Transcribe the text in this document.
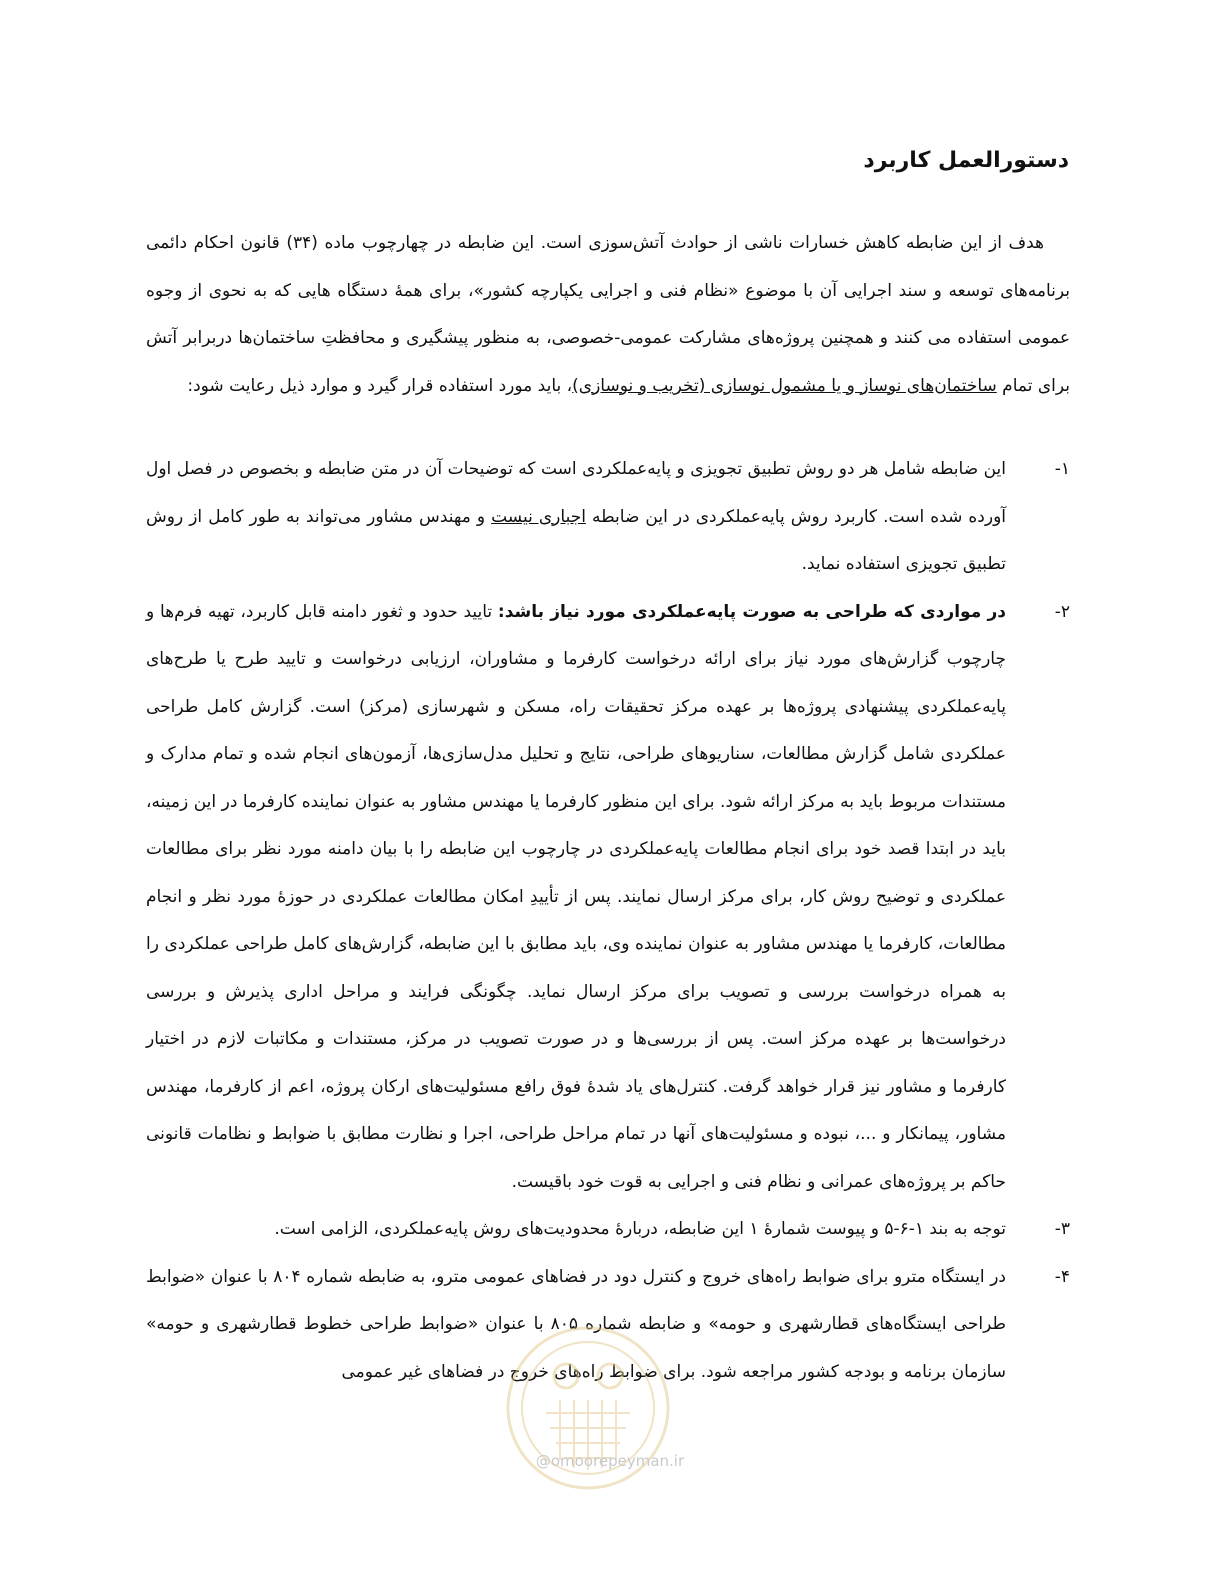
دستورالعمل کاربرد

هدف از این ضابطه کاهش خسارات ناشی از حوادث آتش‌سوزی است. این ضابطه در چهارچوب ماده (۳۴) قانون احکام دائمی برنامه‌های توسعه و سند اجرایی آن با موضوع «نظام فنی و اجرایی یکپارچه کشور»، برای همهٔ دستگاه هایی که به نحوی از وجوه عمومی استفاده می کنند و همچنین پروژه‌های مشارکت عمومی-خصوصی، به منظور پیشگیری و محافظتِ ساختمان‌ها دربرابر آتش برای تمام ساختمان‌های نوساز و یا مشمول نوسازی (تخریب و نوسازی)، باید مورد استفاده قرار گیرد و موارد ذیل رعایت شود:

۱-
این ضابطه شامل هر دو روش تطبیق تجویزی و پایه‌عملکردی است که توضیحات آن در متن ضابطه و بخصوص در فصل اول آورده شده است. کاربرد روش پایه‌عملکردی در این ضابطه اجباری نیست و مهندس مشاور می‌تواند به طور کامل از روش تطبیق تجویزی استفاده نماید.
۲-
در مواردی که طراحی به صورت پایه‌عملکردی مورد نیاز باشد: تایید حدود و ثغور دامنه قابل کاربرد، تهیه فرم‌ها و چارچوب گزارش‌های مورد نیاز برای ارائه درخواست کارفرما و مشاوران، ارزیابی درخواست و تایید طرح یا طرح‌های پایه‌عملکردی پیشنهادی پروژه‌ها بر عهده مرکز تحقیقات راه، مسکن و شهرسازی (مرکز) است. گزارش کامل طراحی عملکردی شامل گزارش مطالعات، سناریوهای طراحی، نتایج و تحلیل مدل‌سازی‌ها، آزمون‌های انجام شده و تمام مدارک و مستندات مربوط باید به مرکز ارائه شود. برای این منظور کارفرما یا مهندس مشاور به عنوان نماینده کارفرما در این زمینه، باید در ابتدا قصد خود برای انجام مطالعات پایه‌عملکردی در چارچوب این ضابطه را با بیان دامنه مورد نظر برای مطالعات عملکردی و توضیح روش کار، برای مرکز ارسال نمایند. پس از تأییدِ امکان مطالعات عملکردی در حوزهٔ مورد نظر و انجام مطالعات، کارفرما یا مهندس مشاور به عنوان نماینده وی، باید مطابق با این ضابطه، گزارش‌های کامل طراحی عملکردی را به همراه درخواست بررسی و تصویب برای مرکز ارسال نماید. چگونگی فرایند و مراحل اداری پذیرش و بررسی درخواست‌ها بر عهده مرکز است. پس از بررسی‌ها و در صورت تصویب در مرکز، مستندات و مکاتبات لازم در اختیار کارفرما و مشاور نیز قرار خواهد گرفت. کنترل‌های یاد شدهٔ فوق رافع مسئولیت‌های ارکان پروژه، اعم از کارفرما، مهندس مشاور، پیمانکار و ...، نبوده و مسئولیت‌های آنها در تمام مراحل طراحی، اجرا و نظارت مطابق با ضوابط و نظامات قانونی حاکم بر پروژه‌های عمرانی و نظام فنی و اجرایی به قوت خود باقیست.
۳-
توجه به بند ۱-۶-۵ و پیوست شمارهٔ ۱ این ضابطه، دربارهٔ محدودیت‌های روش پایه‌عملکردی، الزامی است.
۴-
در ایستگاه مترو برای ضوابط راه‌های خروج و کنترل دود در فضاهای عمومی مترو، به ضابطه شماره ۸۰۴ با عنوان «ضوابط طراحی ایستگاه‌های قطارشهری و حومه» و ضابطه شماره ۸۰۵ با عنوان «ضوابط طراحی خطوط قطارشهری و حومه» سازمان برنامه و بودجه کشور مراجعه شود. برای ضوابط راه‌های خروج در فضاهای غیر عمومی
@omoorepeyman.ir
